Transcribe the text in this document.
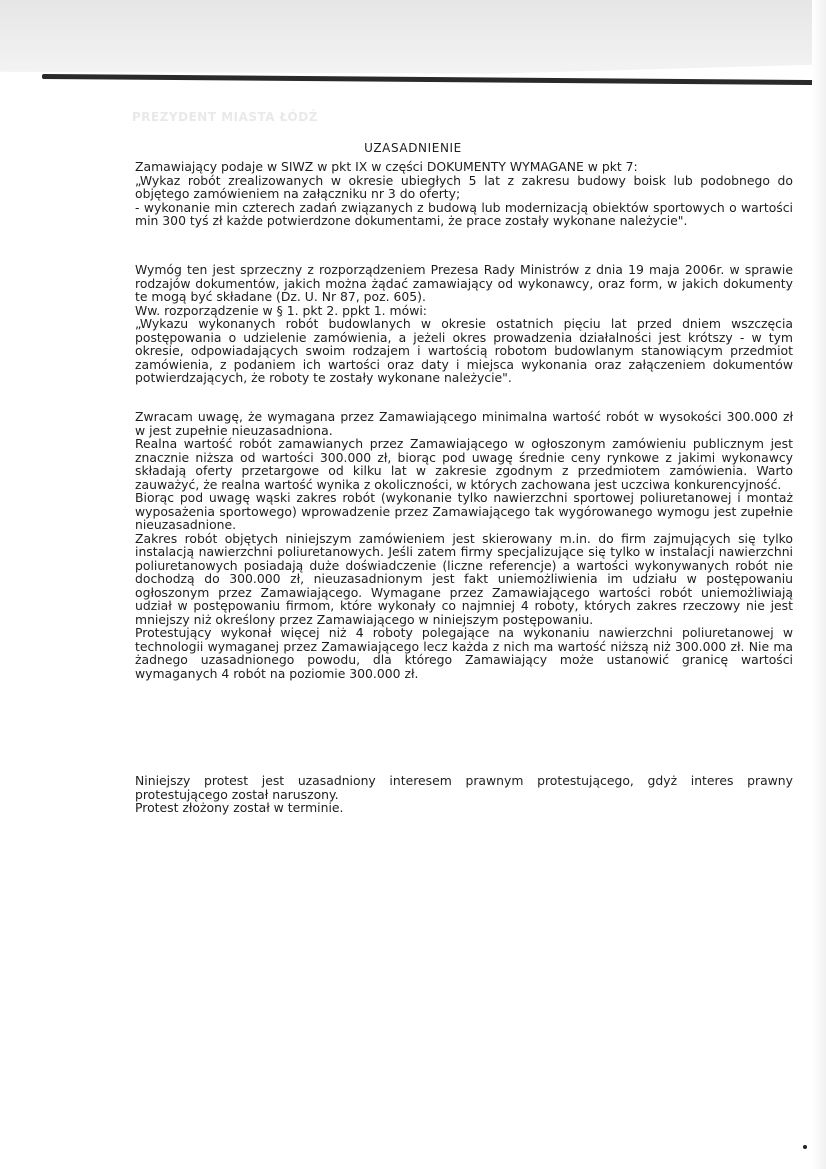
PREZYDENT MIASTA ŁÓDŹ
UZASADNIENIE

Zamawiający podaje w SIWZ w pkt IX w części DOKUMENTY WYMAGANE w pkt 7:
„Wykaz robót zrealizowanych w okresie ubiegłych 5 lat z zakresu budowy boisk lub podobnego do objętego zamówieniem na załączniku nr 3 do oferty;
- wykonanie min czterech zadań związanych z budową lub modernizacją obiektów sportowych o wartości min 300 tyś zł każde potwierdzone dokumentami, że prace zostały wykonane należycie".

Wymóg ten jest sprzeczny z rozporządzeniem Prezesa Rady Ministrów z dnia 19 maja 2006r. w sprawie rodzajów dokumentów, jakich można żądać zamawiający od wykonawcy, oraz form, w jakich dokumenty te mogą być składane (Dz. U. Nr 87, poz. 605).
Ww. rozporządzenie w § 1. pkt 2. ppkt 1. mówi:
„Wykazu wykonanych robót budowlanych w okresie ostatnich pięciu lat przed dniem wszczęcia postępowania o udzielenie zamówienia, a jeżeli okres prowadzenia działalności jest krótszy - w tym okresie, odpowiadających swoim rodzajem i wartością robotom budowlanym stanowiącym przedmiot zamówienia, z podaniem ich wartości oraz daty i miejsca wykonania oraz załączeniem dokumentów potwierdzających, że roboty te zostały wykonane należycie".

Zwracam uwagę, że wymagana przez Zamawiającego minimalna wartość robót w wysokości 300.000 zł w jest zupełnie nieuzasadniona.
Realna wartość robót zamawianych przez Zamawiającego w ogłoszonym zamówieniu publicznym jest znacznie niższa od wartości 300.000 zł, biorąc pod uwagę średnie ceny rynkowe z jakimi wykonawcy składają oferty przetargowe od kilku lat w zakresie zgodnym z przedmiotem zamówienia. Warto zauważyć, że realna wartość wynika z okoliczności, w których zachowana jest uczciwa konkurencyjność.
Biorąc pod uwagę wąski zakres robót (wykonanie tylko nawierzchni sportowej poliuretanowej i montaż wyposażenia sportowego) wprowadzenie przez Zamawiającego tak wygórowanego wymogu jest zupełnie nieuzasadnione.
Zakres robót objętych niniejszym zamówieniem jest skierowany m.in. do firm zajmujących się tylko instalacją nawierzchni poliuretanowych. Jeśli zatem firmy specjalizujące się tylko w instalacji nawierzchni poliuretanowych posiadają duże doświadczenie (liczne referencje) a wartości wykonywanych robót nie dochodzą do 300.000 zł, nieuzasadnionym jest fakt uniemożliwienia im udziału w postępowaniu ogłoszonym przez Zamawiającego. Wymagane przez Zamawiającego wartości robót uniemożliwiają udział w postępowaniu firmom, które wykonały co najmniej 4 roboty, których zakres rzeczowy nie jest mniejszy niż określony przez Zamawiającego w niniejszym postępowaniu.
Protestujący wykonał więcej niż 4 roboty polegające na wykonaniu nawierzchni poliuretanowej w technologii wymaganej przez Zamawiającego lecz każda z nich ma wartość niższą niż 300.000 zł. Nie ma żadnego uzasadnionego powodu, dla którego Zamawiający może ustanowić granicę wartości wymaganych 4 robót na poziomie 300.000 zł.

Niniejszy protest jest uzasadniony interesem prawnym protestującego, gdyż interes prawny protestującego został naruszony.
Protest złożony został w terminie.
